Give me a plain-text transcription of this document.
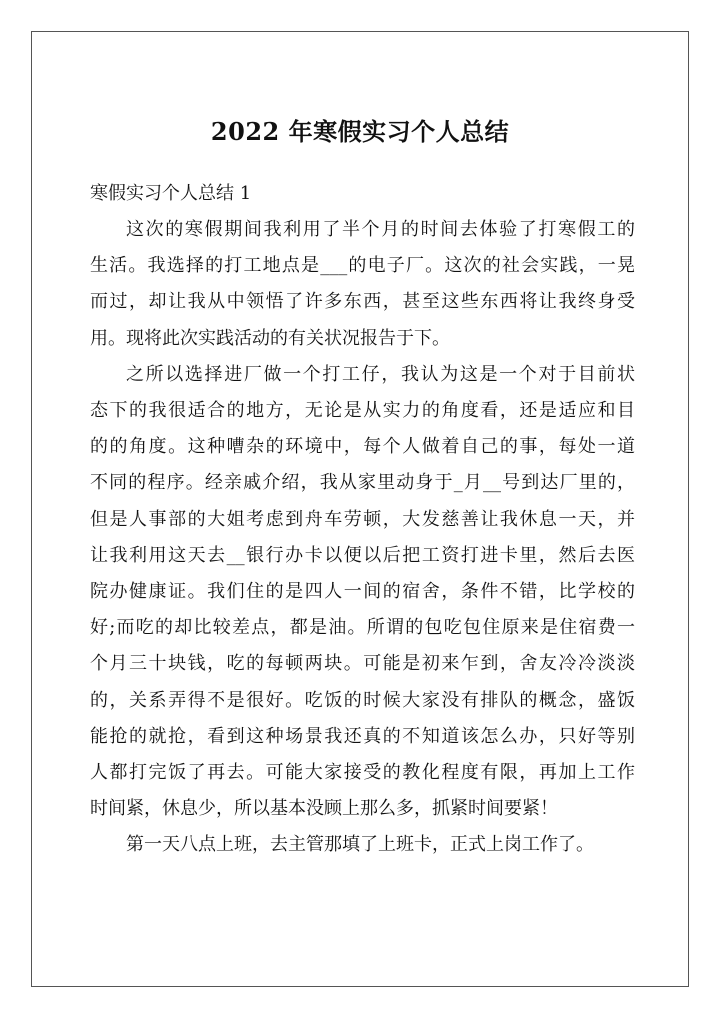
2022 年寒假实习个人总结

寒假实习个人总结 1

这次的寒假期间我利用了半个月的时间去体验了打寒假工的
生活。我选择的打工地点是___的电子厂。这次的社会实践，一晃
而过，却让我从中领悟了许多东西，甚至这些东西将让我终身受
用。现将此次实践活动的有关状况报告于下。
之所以选择进厂做一个打工仔，我认为这是一个对于目前状
态下的我很适合的地方，无论是从实力的角度看，还是适应和目
的的角度。这种嘈杂的环境中，每个人做着自己的事，每处一道
不同的程序。经亲戚介绍，我从家里动身于_月__号到达厂里的，
但是人事部的大姐考虑到舟车劳顿，大发慈善让我休息一天，并
让我利用这天去__银行办卡以便以后把工资打进卡里，然后去医
院办健康证。我们住的是四人一间的宿舍，条件不错，比学校的
好;而吃的却比较差点，都是油。所谓的包吃包住原来是住宿费一
个月三十块钱，吃的每顿两块。可能是初来乍到，舍友冷冷淡淡
的，关系弄得不是很好。吃饭的时候大家没有排队的概念，盛饭
能抢的就抢，看到这种场景我还真的不知道该怎么办，只好等别
人都打完饭了再去。可能大家接受的教化程度有限，再加上工作
时间紧，休息少，所以基本没顾上那么多，抓紧时间要紧！
第一天八点上班，去主管那填了上班卡，正式上岗工作了。
